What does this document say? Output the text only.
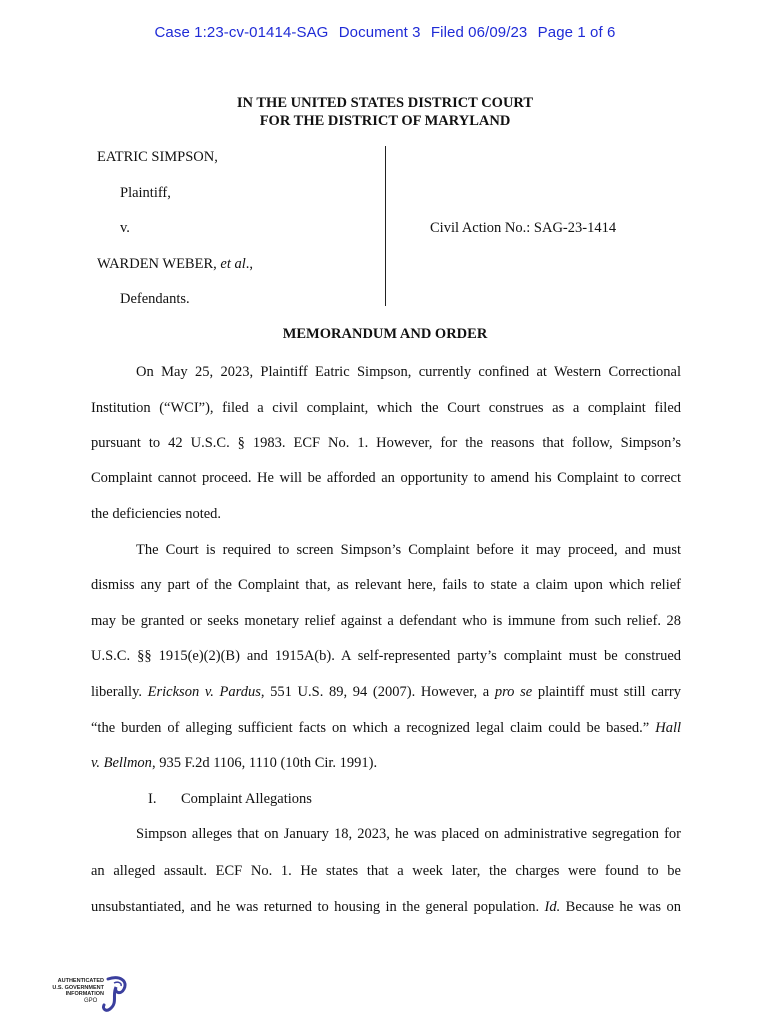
Case 1:23-cv-01414-SAG Document 3 Filed 06/09/23 Page 1 of 6
IN THE UNITED STATES DISTRICT COURT
FOR THE DISTRICT OF MARYLAND
EATRIC SIMPSON,
Plaintiff,
v.
WARDEN WEBER, et al.,
Defendants.
Civil Action No.: SAG-23-1414
MEMORANDUM AND ORDER
On May 25, 2023, Plaintiff Eatric Simpson, currently confined at Western Correctional
Institution (“WCI”), filed a civil complaint, which the Court construes as a complaint filed
pursuant to 42 U.S.C. § 1983. ECF No. 1. However, for the reasons that follow, Simpson’s
Complaint cannot proceed. He will be afforded an opportunity to amend his Complaint to correct
the deficiencies noted.
The Court is required to screen Simpson’s Complaint before it may proceed, and must
dismiss any part of the Complaint that, as relevant here, fails to state a claim upon which relief
may be granted or seeks monetary relief against a defendant who is immune from such relief. 28
U.S.C. §§ 1915(e)(2)(B) and 1915A(b). A self-represented party’s complaint must be construed
liberally. Erickson v. Pardus, 551 U.S. 89, 94 (2007). However, a pro se plaintiff must still carry
“the burden of alleging sufficient facts on which a recognized legal claim could be based.” Hall
v. Bellmon, 935 F.2d 1106, 1110 (10th Cir. 1991).
I. Complaint Allegations
Simpson alleges that on January 18, 2023, he was placed on administrative segregation for
an alleged assault. ECF No. 1. He states that a week later, the charges were found to be
unsubstantiated, and he was returned to housing in the general population. Id. Because he was on
AUTHENTICATED
U.S. GOVERNMENT
INFORMATION
GPO
